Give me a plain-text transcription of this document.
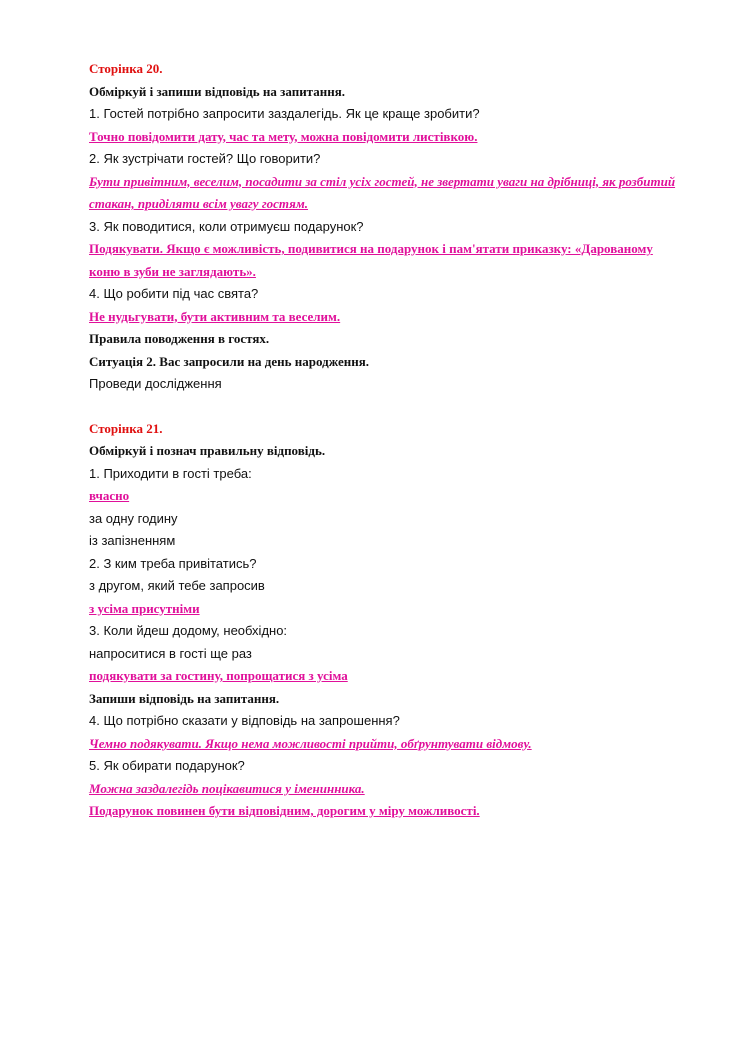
Сторінка 20.
Обміркуй і запиши відповідь на запитання.
1. Гостей потрібно запросити заздалегідь. Як це краще зробити?
Точно повідомити дату, час та мету, можна повідомити листівкою.
2. Як зустрічати гостей? Що говорити?
Бути привітним, веселим, посадити за стіл усіх гостей, не звертати уваги на дрібниці, як розбитий
стакан, приділяти всім увагу гостям.
3. Як поводитися, коли отримуєш подарунок?
Подякувати. Якщо є можливість, подивитися на подарунок і пам'ятати приказку: «Дарованому
коню в зуби не заглядають».
4. Що робити під час свята?
Не нудьгувати, бути активним та веселим.
Правила поводження в гостях.
Ситуація 2. Вас запросили на день народження.
Проведи дослідження
Сторінка 21.
Обміркуй і познач правильну відповідь.
1. Приходити в гості треба:
вчасно
за одну годину
із запізненням
2. З ким треба привітатись?
з другом, який тебе запросив
з усіма присутніми
3. Коли йдеш додому, необхідно:
напроситися в гості ще раз
подякувати за гостину, попрощатися з усіма
Запиши відповідь на запитання.
4. Що потрібно сказати у відповідь на запрошення?
Чемно подякувати. Якщо нема можливості прийти, обґрунтувати відмову.
5. Як обирати подарунок?
Можна заздалегідь поцікавитися у іменинника.
Подарунок повинен бути відповідним, дорогим у міру можливості.
